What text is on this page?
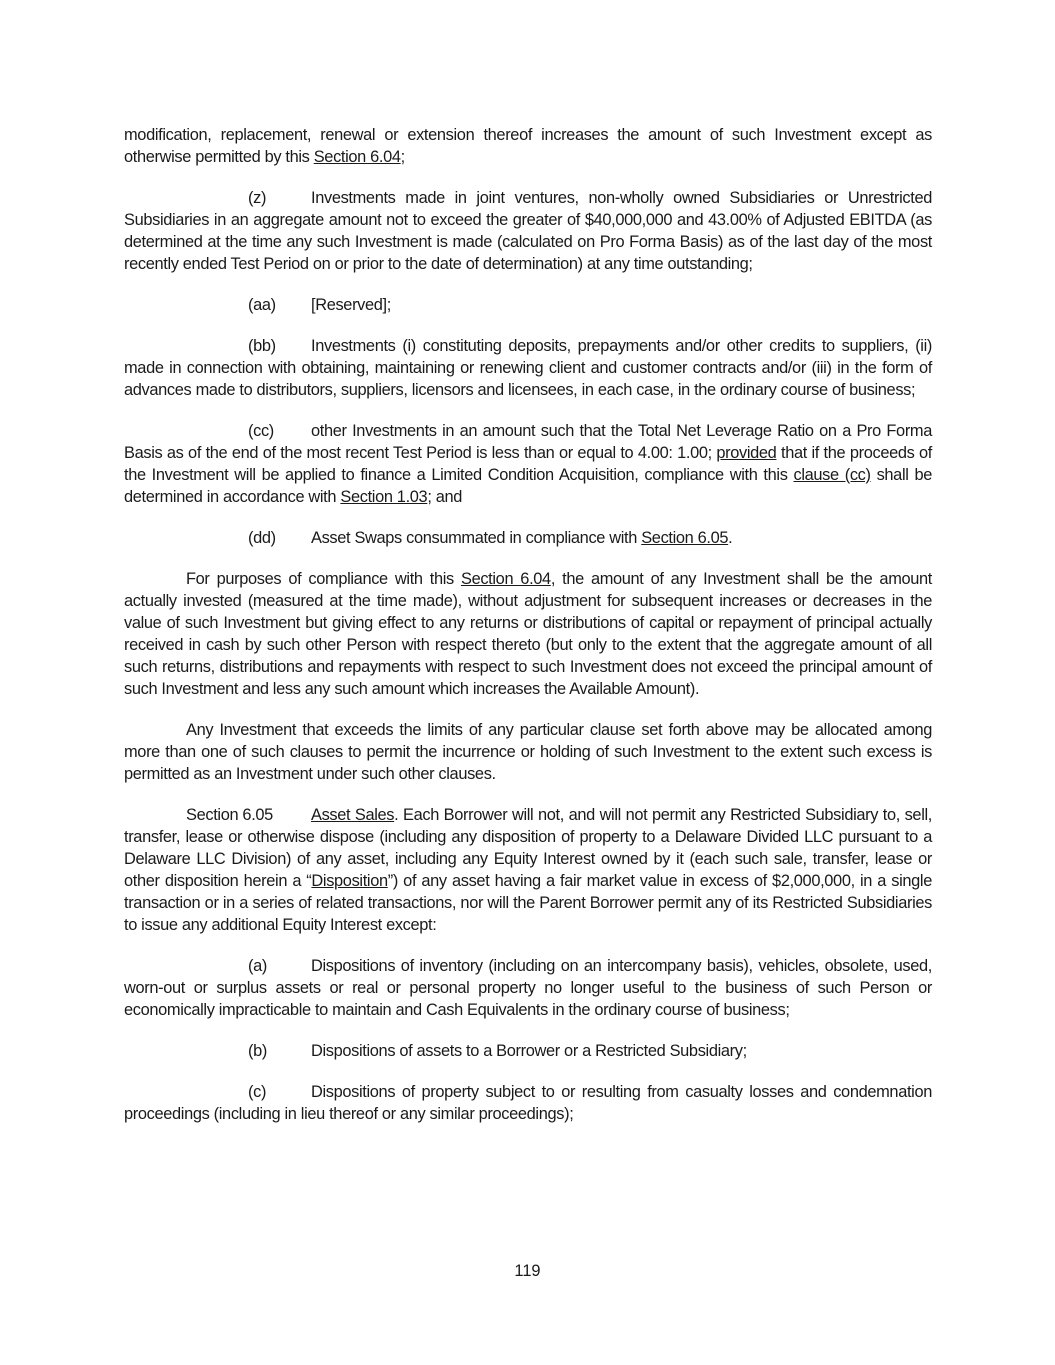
modification, replacement, renewal or extension thereof increases the amount of such Investment except as otherwise permitted by this Section 6.04;

(z)	Investments made in joint ventures, non-wholly owned Subsidiaries or Unrestricted Subsidiaries in an aggregate amount not to exceed the greater of $40,000,000 and 43.00% of Adjusted EBITDA (as determined at the time any such Investment is made (calculated on Pro Forma Basis) as of the last day of the most recently ended Test Period on or prior to the date of determination) at any time outstanding;

(aa) [Reserved];

(bb) Investments (i) constituting deposits, prepayments and/or other credits to suppliers, (ii) made in connection with obtaining, maintaining or renewing client and customer contracts and/or (iii) in the form of advances made to distributors, suppliers, licensors and licensees, in each case, in the ordinary course of business;

(cc) other Investments in an amount such that the Total Net Leverage Ratio on a Pro Forma Basis as of the end of the most recent Test Period is less than or equal to 4.00: 1.00; provided that if the proceeds of the Investment will be applied to finance a Limited Condition Acquisition, compliance with this clause (cc) shall be determined in accordance with Section 1.03; and

(dd) Asset Swaps consummated in compliance with Section 6.05.

For purposes of compliance with this Section 6.04, the amount of any Investment shall be the amount actually invested (measured at the time made), without adjustment for subsequent increases or decreases in the value of such Investment but giving effect to any returns or distributions of capital or repayment of principal actually received in cash by such other Person with respect thereto (but only to the extent that the aggregate amount of all such returns, distributions and repayments with respect to such Investment does not exceed the principal amount of such Investment and less any such amount which increases the Available Amount).

Any Investment that exceeds the limits of any particular clause set forth above may be allocated among more than one of such clauses to permit the incurrence or holding of such Investment to the extent such excess is permitted as an Investment under such other clauses.

Section 6.05 Asset Sales. Each Borrower will not, and will not permit any Restricted Subsidiary to, sell, transfer, lease or otherwise dispose (including any disposition of property to a Delaware Divided LLC pursuant to a Delaware LLC Division) of any asset, including any Equity Interest owned by it (each such sale, transfer, lease or other disposition herein a “Disposition”) of any asset having a fair market value in excess of $2,000,000, in a single transaction or in a series of related transactions, nor will the Parent Borrower permit any of its Restricted Subsidiaries to issue any additional Equity Interest except:

(a)	Dispositions of inventory (including on an intercompany basis), vehicles, obsolete, used, worn-out or surplus assets or real or personal property no longer useful to the business of such Person or economically impracticable to maintain and Cash Equivalents in the ordinary course of business;

(b)	Dispositions of assets to a Borrower or a Restricted Subsidiary;

(c)	Dispositions of property subject to or resulting from casualty losses and condemnation proceedings (including in lieu thereof or any similar proceedings);

119
